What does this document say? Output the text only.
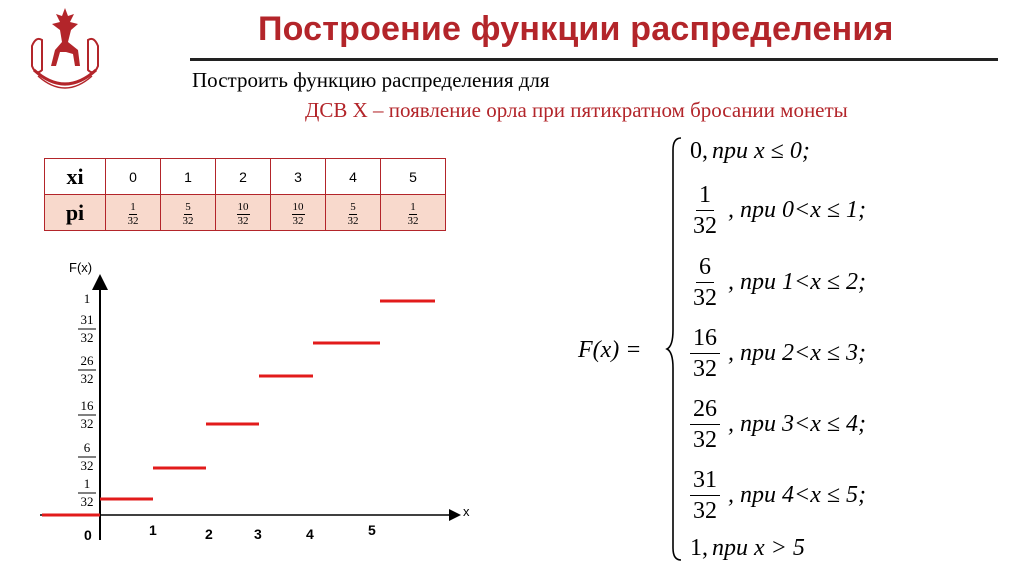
Построение функции распределения
Построить функцию распределения для
ДСВ Х – появление орла при пятикратном бросании монеты
xi	0	1	2	3	4	5
pi	$\frac{1}{32}$	$\frac{5}{32}$	$\frac{10}{32}$	$\frac{10}{32}$	$\frac{5}{32}$	$\frac{1}{32}$
F(x)
x
0	1	2	3	4	5
1
32
6
32
16
32
26
32
31
32
1
F(x) =
0, при x ≤ 0;
$\frac{1}{32}$ , при 0<x ≤ 1;
$\frac{6}{32}$ , при 1<x ≤ 2;
$\frac{16}{32}$ , при 2<x ≤ 3;
$\frac{26}{32}$ , при 3<x ≤ 4;
$\frac{31}{32}$ , при 4<x ≤ 5;
1, при x > 5
